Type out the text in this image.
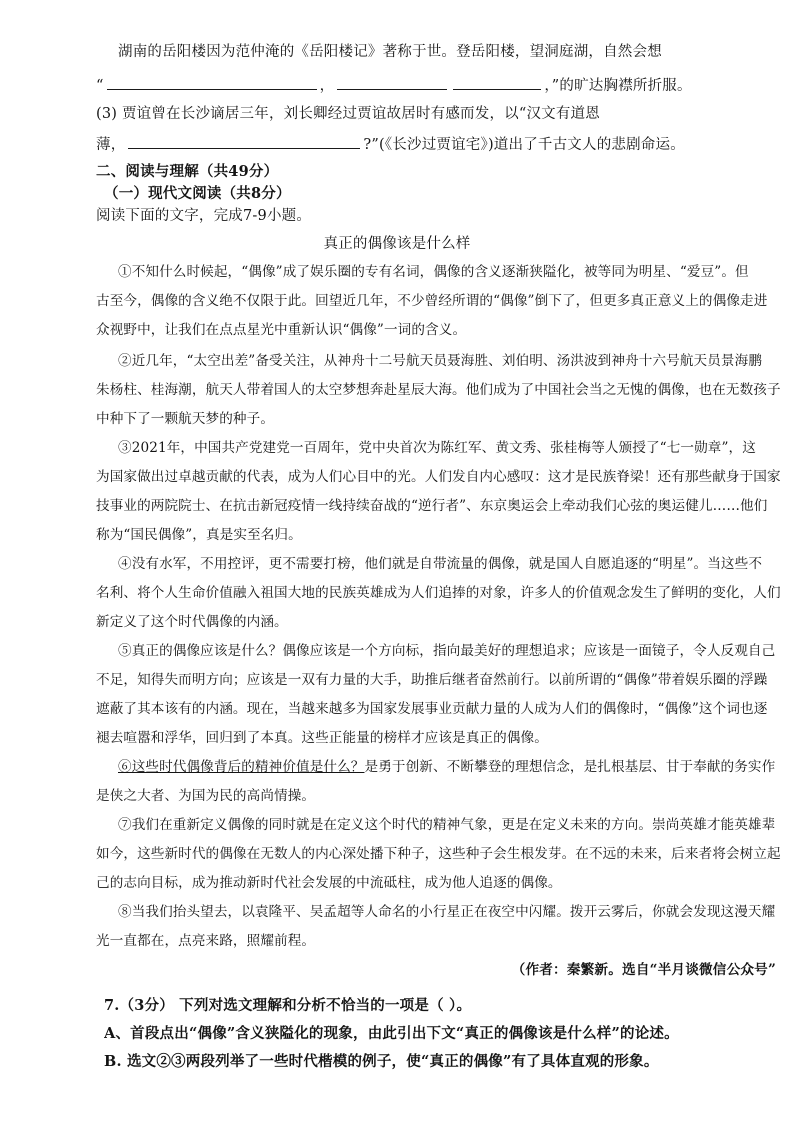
湖南的岳阳楼因为范仲淹的《岳阳楼记》著称于世。登岳阳楼，望洞庭湖，自然会想
“	，	，”的旷达胸襟所折服。
(3) 贾谊曾在长沙谪居三年，刘长卿经过贾谊故居时有感而发，以“汉文有道恩
薄，	?”(《长沙过贾谊宅》)道出了千古文人的悲剧命运。
二、阅读与理解（共49分）
（一）现代文阅读（共8分）
阅读下面的文字，完成7-9小题。
真正的偶像该是什么样
①不知什么时候起，“偶像”成了娱乐圈的专有名词，偶像的含义逐渐狭隘化，被等同为明星、“爱豆”。但
古至今，偶像的含义绝不仅限于此。回望近几年，不少曾经所谓的“偶像”倒下了，但更多真正意义上的偶像走进
众视野中，让我们在点点星光中重新认识“偶像”一词的含义。
②近几年，“太空出差”备受关注，从神舟十二号航天员聂海胜、刘伯明、汤洪波到神舟十六号航天员景海鹏
朱杨柱、桂海潮，航天人带着国人的太空梦想奔赴星辰大海。他们成为了中国社会当之无愧的偶像，也在无数孩子
中种下了一颗航天梦的种子。
③2021年，中国共产党建党一百周年，党中央首次为陈红军、黄文秀、张桂梅等人颁授了“七一勋章”，这
为国家做出过卓越贡献的代表，成为人们心目中的光。人们发自内心感叹：这才是民族脊梁！还有那些献身于国家
技事业的两院院士、在抗击新冠疫情一线持续奋战的“逆行者”、东京奥运会上牵动我们心弦的奥运健儿……他们
称为“国民偶像”，真是实至名归。
④没有水军，不用控评，更不需要打榜，他们就是自带流量的偶像，就是国人自愿追逐的“明星”。当这些不
名利、将个人生命价值融入祖国大地的民族英雄成为人们追捧的对象，许多人的价值观念发生了鲜明的变化，人们
新定义了这个时代偶像的内涵。
⑤真正的偶像应该是什么？偶像应该是一个方向标，指向最美好的理想追求；应该是一面镜子，令人反观自己
不足，知得失而明方向；应该是一双有力量的大手，助推后继者奋然前行。以前所谓的“偶像”带着娱乐圈的浮躁
遮蔽了其本该有的内涵。现在，当越来越多为国家发展事业贡献力量的人成为人们的偶像时，“偶像”这个词也逐
褪去喧嚣和浮华，回归到了本真。这些正能量的榜样才应该是真正的偶像。
⑥这些时代偶像背后的精神价值是什么？是勇于创新、不断攀登的理想信念，是扎根基层、甘于奉献的务实作
是侠之大者、为国为民的高尚情操。
⑦我们在重新定义偶像的同时就是在定义这个时代的精神气象，更是在定义未来的方向。崇尚英雄才能英雄辈
如今，这些新时代的偶像在无数人的内心深处播下种子，这些种子会生根发芽。在不远的未来，后来者将会树立起
己的志向目标，成为推动新时代社会发展的中流砥柱，成为他人追逐的偶像。
⑧当我们抬头望去，以袁隆平、吴孟超等人命名的小行星正在夜空中闪耀。拨开云雾后，你就会发现这漫天耀
光一直都在，点亮来路，照耀前程。
（作者：秦繁新。选自“半月谈微信公众号”
7.（3分） 下列对选文理解和分析不恰当的一项是（ ）。
A、首段点出“偶像”含义狭隘化的现象，由此引出下文“真正的偶像该是什么样”的论述。
B. 选文②③两段列举了一些时代楷模的例子，使“真正的偶像”有了具体直观的形象。
